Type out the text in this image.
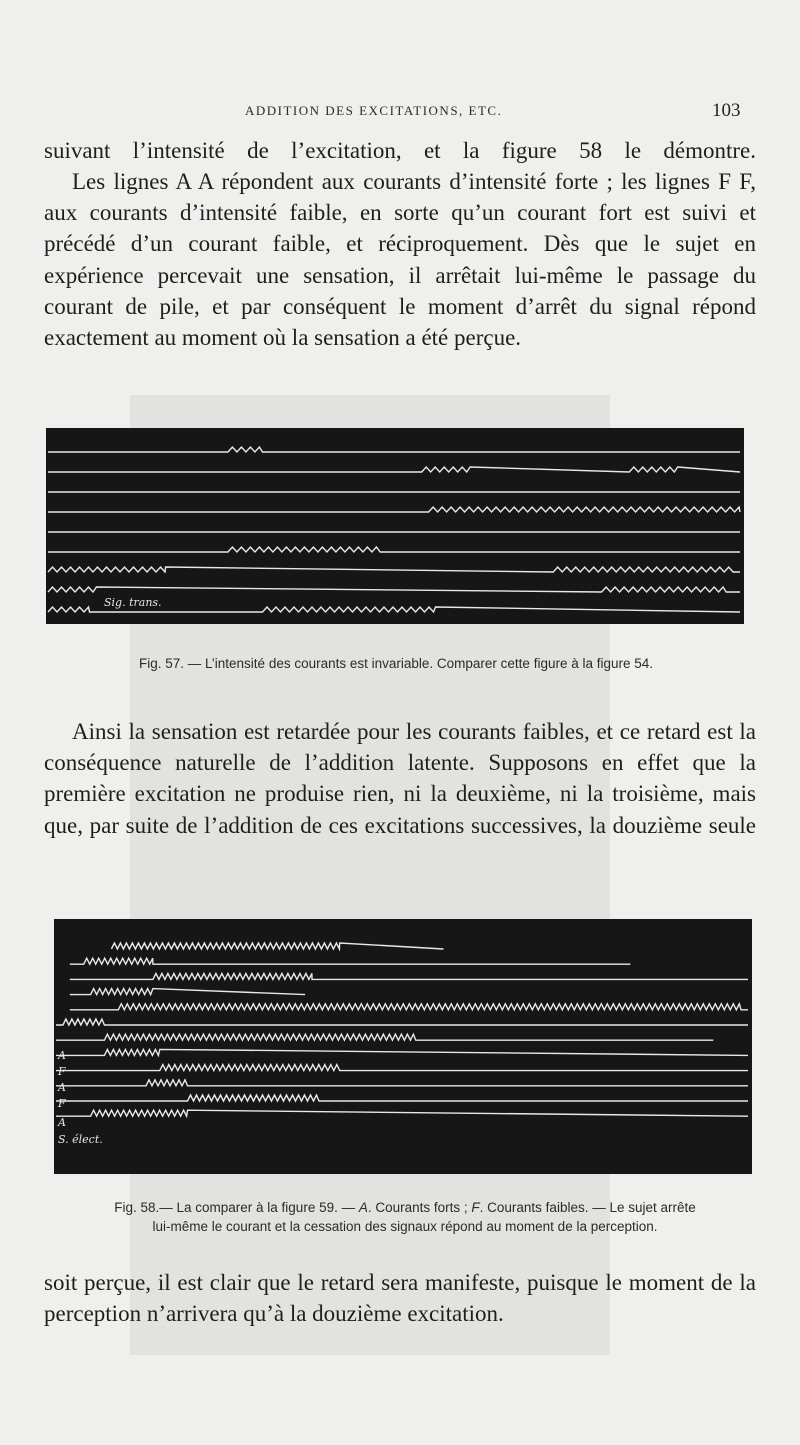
ADDITION DES EXCITATIONS, ETC.	103

suivant l’intensité de l’excitation, et la figure 58 le démontre.

Les lignes A A répondent aux courants d’intensité forte ; les lignes F F, aux courants d’intensité faible, en sorte qu’un courant fort est suivi et précédé d’un courant faible, et réciproquement. Dès que le sujet en expérience percevait une sensation, il arrêtait lui-même le passage du courant de pile, et par conséquent le moment d’arrêt du signal répond exactement au moment où la sensation a été perçue.

Sig. trans.
Fig. 57. — L’intensité des courants est invariable. Comparer cette figure à la figure 54.

Ainsi la sensation est retardée pour les courants faibles, et ce retard est la conséquence naturelle de l’addition latente. Supposons en effet que la première excitation ne produise rien, ni la deuxième, ni la troisième, mais que, par suite de l’addition de ces excitations successives, la douzième seule

A
F
A
F
A
S. élect.
Fig. 58.— La comparer à la figure 59. — A. Courants forts ; F. Courants faibles. — Le sujet arrête
lui-même le courant et la cessation des signaux répond au moment de la perception.

soit perçue, il est clair que le retard sera manifeste, puisque le moment de la perception n’arrivera qu’à la douzième excitation.
